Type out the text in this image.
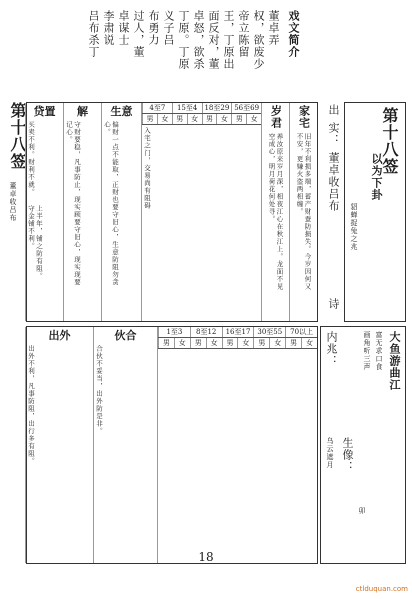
戏文简介
董卓弄
权，欲废少
帝立陈留
王，丁原出
面反对，董
卓怒，欲杀
丁原。丁原
义子吕
布勇力
过人，董
卓谋士
李肃说
吕布杀丁
第十八签
以为下卦
貂蝉捉兔之兆
出
实：
董卓收吕布
诗
第十八签
董卓收吕布
家宅
旧年不利损多端，蓄产财蚕防损失。今岁因何又不安，更嫌火盗两相缠。
岁君
养汝原来岁月深，相夜江心在秋江上。龙面不见空成心，明月荷花何处寻。
56至69
18至29
15至4
4至7
女
男
女
男
女
男
女
男
入宅之门，交易尚有阻碍
生意
偏财一点不能取，正财也要守旧心，生意防阻勿贪心。
解
守财要稳，凡事防止，现实顾要守旧心，现实现要记心。
贷置
买卖不利。财利不就。
上半年，铺之防有阻。守金铺不利。
70以上
30至55
16至17
8至12
1至3
女
男
女
男
女
男
女
男
女
男
伙合
合伙不妥当，出外防是非。
出外
出外不利，凡事防阻，出行多有阻。	大鱼游曲江
富无求口食
画角听三声
内兆：
生像：
乌云遮月
卯
18
ctlduquan.com
